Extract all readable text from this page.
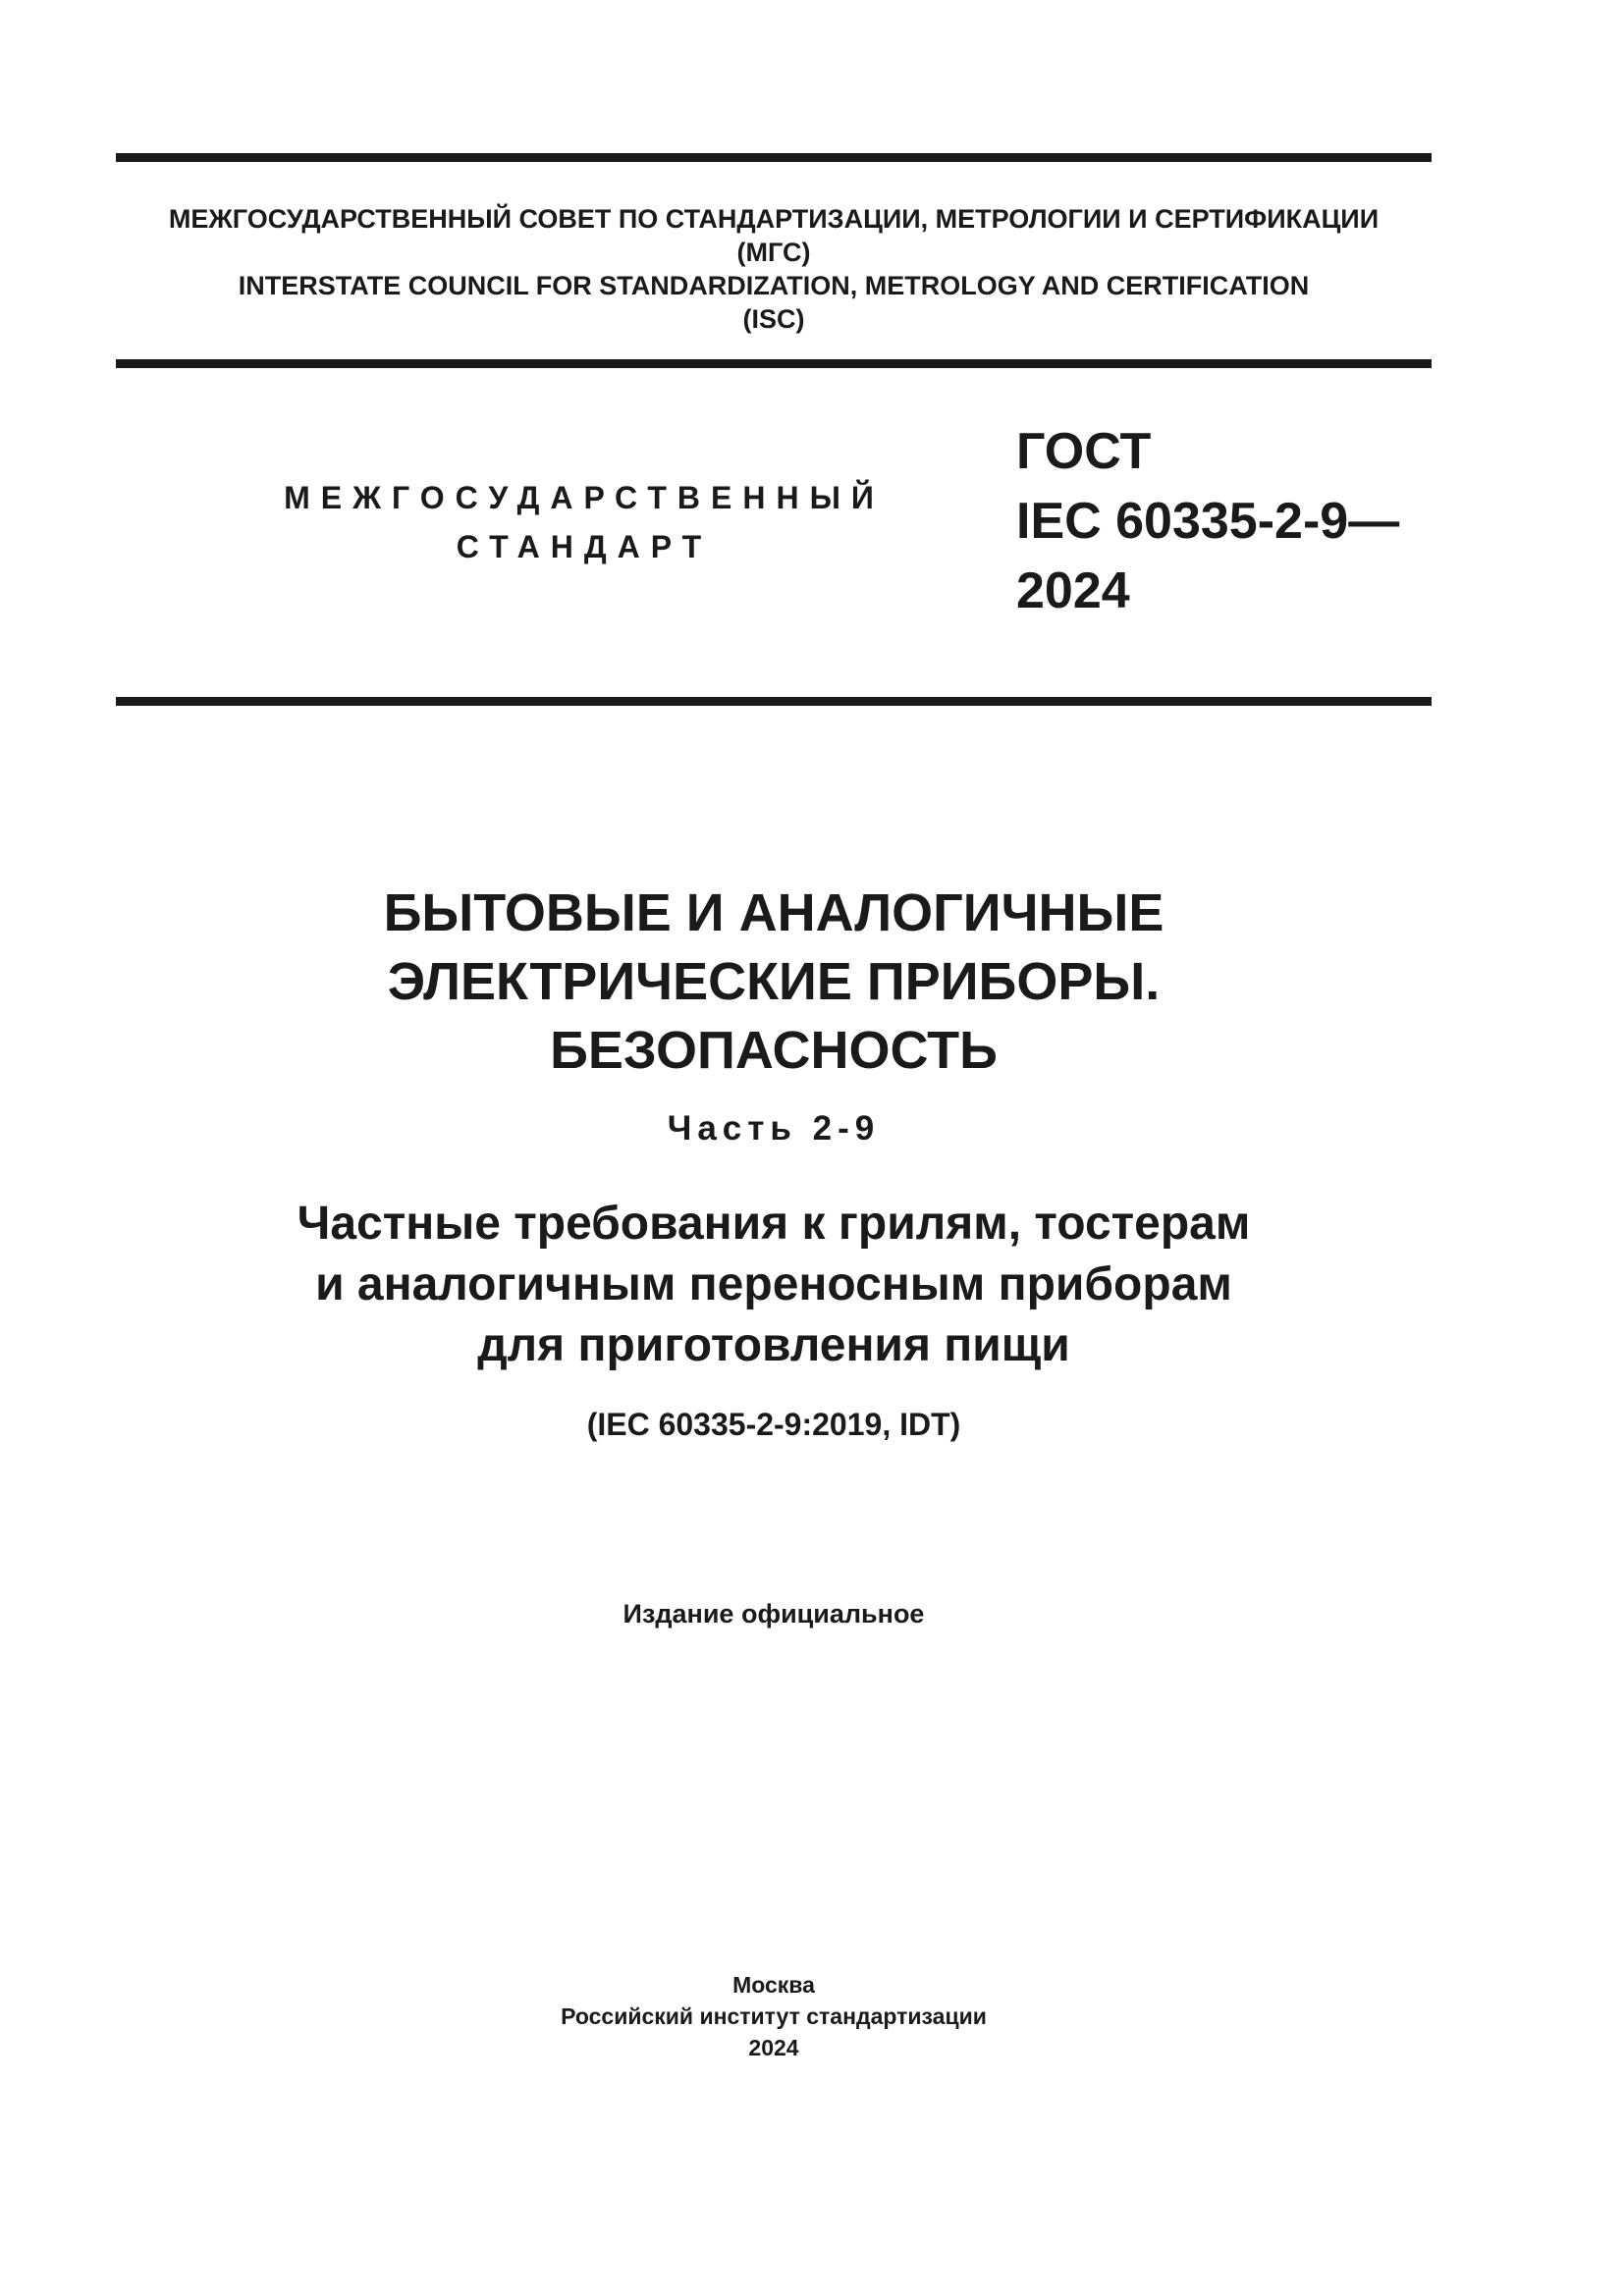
МЕЖГОСУДАРСТВЕННЫЙ СОВЕТ ПО СТАНДАРТИЗАЦИИ, МЕТРОЛОГИИ И СЕРТИФИКАЦИИ
(МГС)
INTERSTATE COUNCIL FOR STANDARDIZATION, METROLOGY AND CERTIFICATION
(ISC)
МЕЖГОСУДАРСТВЕННЫЙ
СТАНДАРТ
ГОСТ
IEC 60335-2-9—
2024
БЫТОВЫЕ И АНАЛОГИЧНЫЕ
ЭЛЕКТРИЧЕСКИЕ ПРИБОРЫ.
БЕЗОПАСНОСТЬ
Часть 2-9
Частные требования к грилям, тостерам
и аналогичным переносным приборам
для приготовления пищи
(IEC 60335-2-9:2019, IDT)
Издание официальное
Москва
Российский институт стандартизации
2024
